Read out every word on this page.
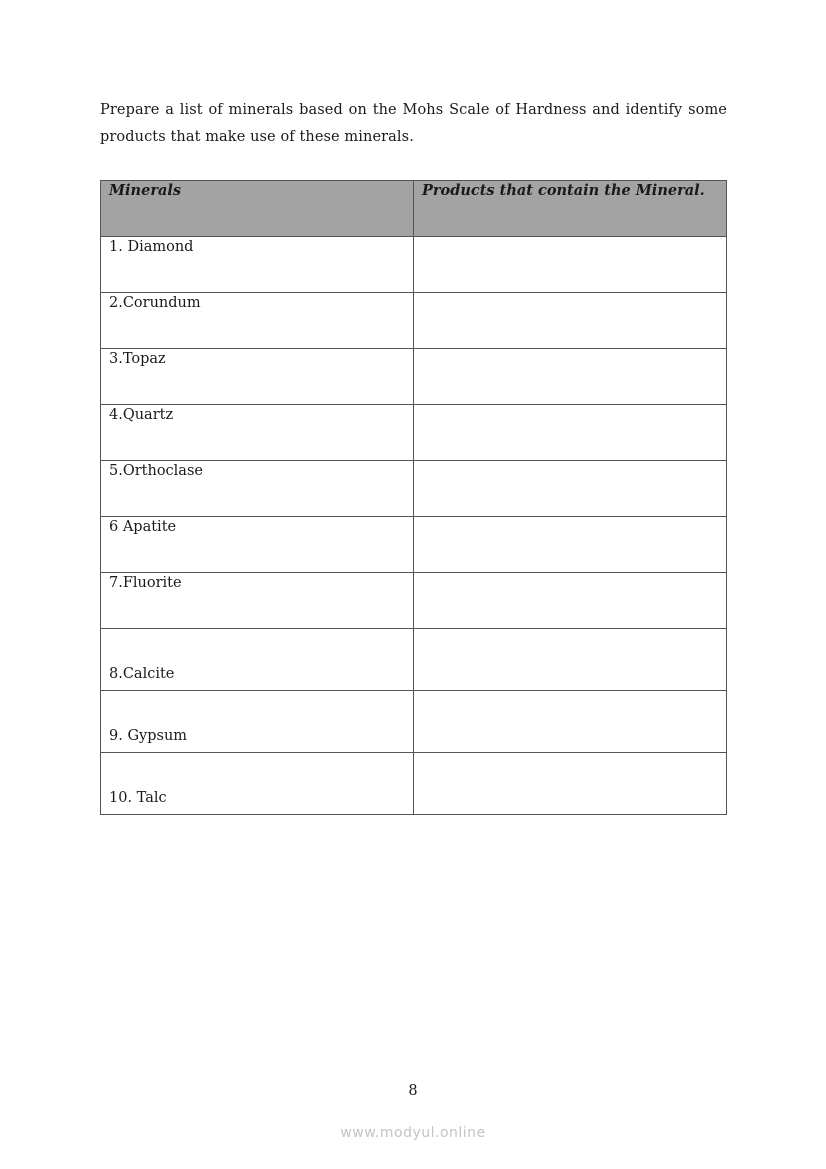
Prepare a list of minerals based on the Mohs Scale of Hardness and identify some products that make use of these minerals.

Minerals	Products that contain the Mineral.
1. Diamond	
2.Corundum	
3.Topaz	
4.Quartz	
5.Orthoclase	
6 Apatite	
7.Fluorite	
8.Calcite	
9. Gypsum	
10. Talc	
8
www.modyul.online
